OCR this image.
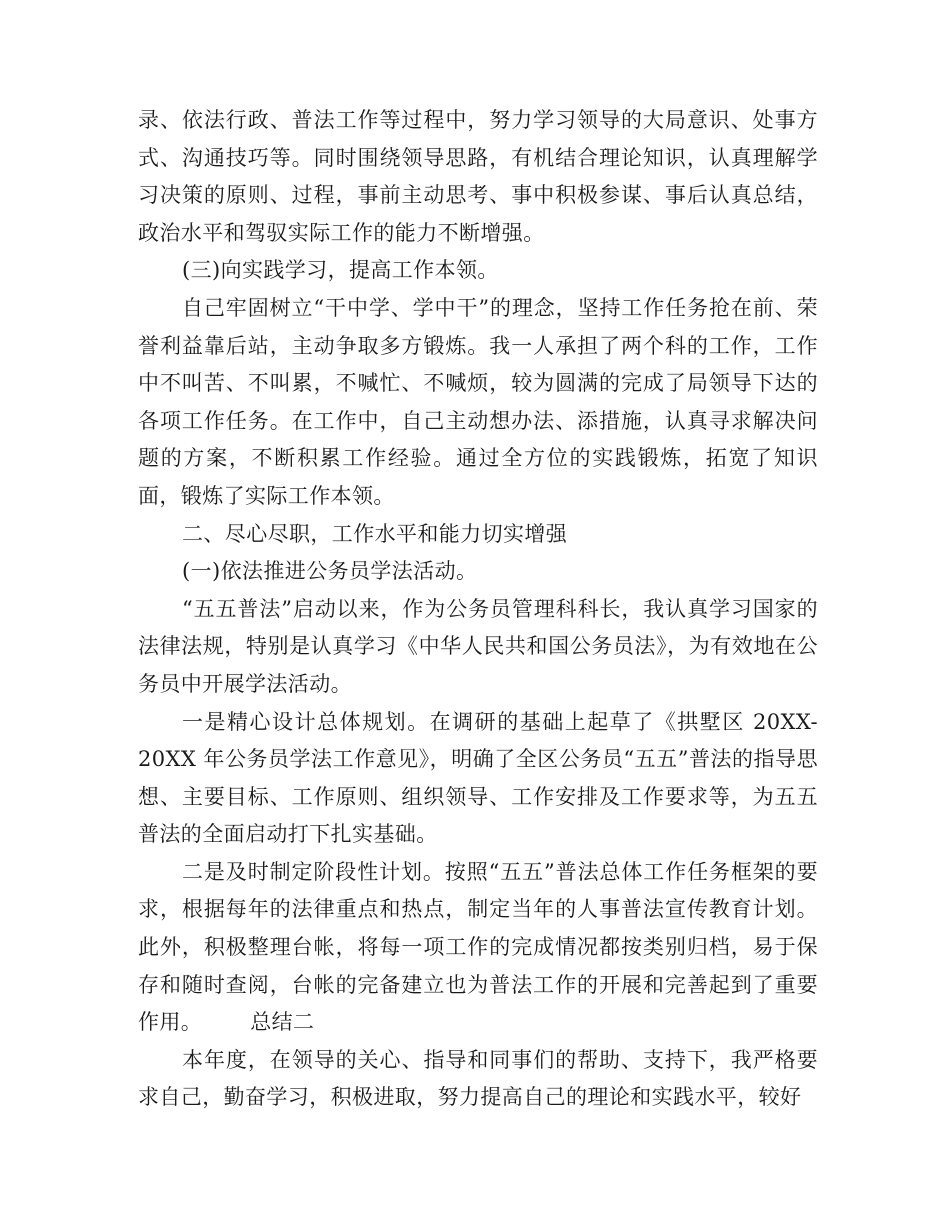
录、依法行政、普法工作等过程中，努力学习领导的大局意识、处事方式、沟通技巧等。同时围绕领导思路，有机结合理论知识，认真理解学习决策的原则、过程，事前主动思考、事中积极参谋、事后认真总结，政治水平和驾驭实际工作的能力不断增强。

(三)向实践学习，提高工作本领。

自己牢固树立“干中学、学中干”的理念，坚持工作任务抢在前、荣誉利益靠后站，主动争取多方锻炼。我一人承担了两个科的工作，工作中不叫苦、不叫累，不喊忙、不喊烦，较为圆满的完成了局领导下达的各项工作任务。在工作中，自己主动想办法、添措施，认真寻求解决问题的方案，不断积累工作经验。通过全方位的实践锻炼，拓宽了知识面，锻炼了实际工作本领。

二、尽心尽职，工作水平和能力切实增强

(一)依法推进公务员学法活动。

“五五普法”启动以来，作为公务员管理科科长，我认真学习国家的法律法规，特别是认真学习《中华人民共和国公务员法》，为有效地在公务员中开展学法活动。

一是精心设计总体规划。在调研的基础上起草了《拱墅区 20XX-20XX 年公务员学法工作意见》，明确了全区公务员“五五”普法的指导思想、主要目标、工作原则、组织领导、工作安排及工作要求等，为五五普法的全面启动打下扎实基础。

二是及时制定阶段性计划。按照“五五”普法总体工作任务框架的要求，根据每年的法律重点和热点，制定当年的人事普法宣传教育计划。此外，积极整理台帐，将每一项工作的完成情况都按类别归档，易于保存和随时查阅，台帐的完备建立也为普法工作的开展和完善起到了重要作用。 总结二

本年度，在领导的关心、指导和同事们的帮助、支持下，我严格要求自己，勤奋学习，积极进取，努力提高自己的理论和实践水平，较好
